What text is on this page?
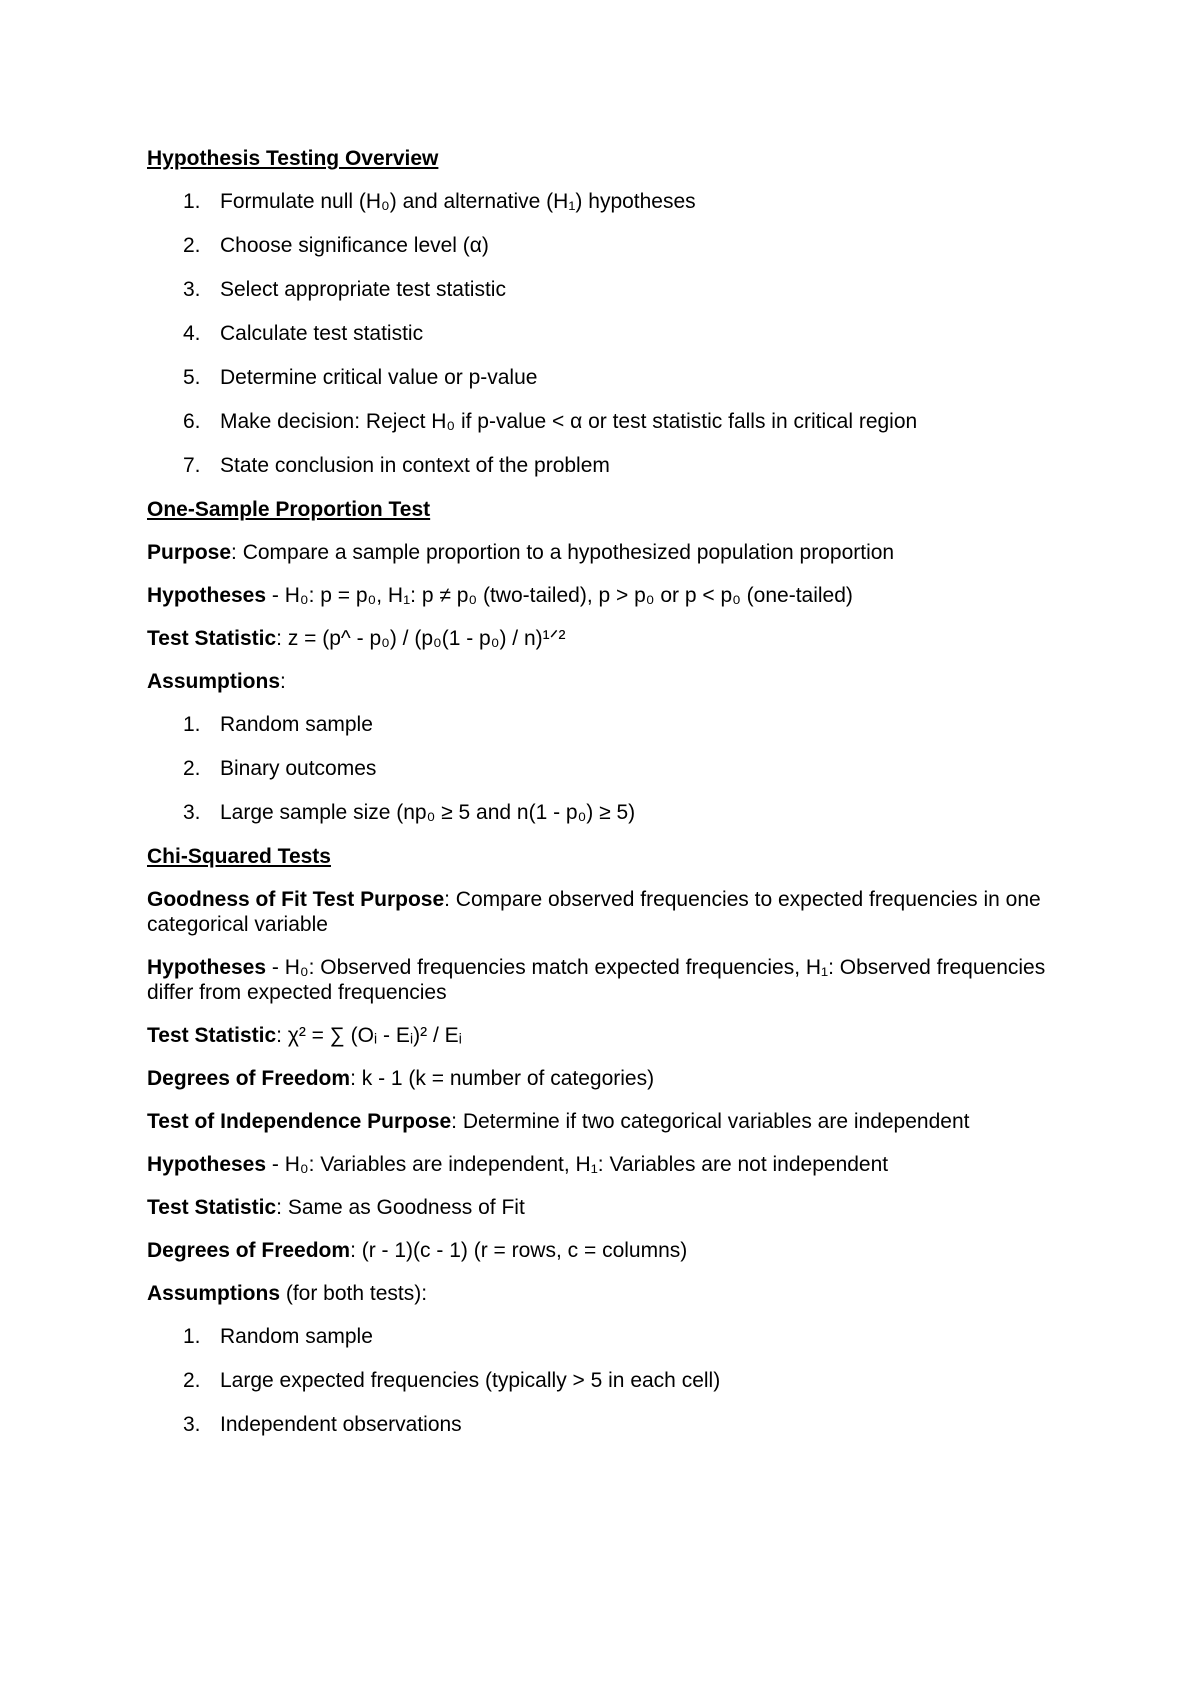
Hypothesis Testing Overview
1. Formulate null (H₀) and alternative (H₁) hypotheses
2. Choose significance level (α)
3. Select appropriate test statistic
4. Calculate test statistic
5. Determine critical value or p-value
6. Make decision: Reject H₀ if p-value < α or test statistic falls in critical region
7. State conclusion in context of the problem
One-Sample Proportion Test

Purpose: Compare a sample proportion to a hypothesized population proportion

Hypotheses - H₀: p = p₀, H₁: p ≠ p₀ (two-tailed), p > p₀ or p < p₀ (one-tailed)

Test Statistic: z = (p^ - p₀) / (p₀(1 - p₀) / n)¹ᐟ²

Assumptions:

1. Random sample
2. Binary outcomes
3. Large sample size (np₀ ≥ 5 and n(1 - p₀) ≥ 5)
Chi-Squared Tests

Goodness of Fit Test Purpose: Compare observed frequencies to expected frequencies in one categorical variable

Hypotheses - H₀: Observed frequencies match expected frequencies, H₁: Observed frequencies differ from expected frequencies

Test Statistic: χ² = ∑ (Oᵢ - Eᵢ)² / Eᵢ

Degrees of Freedom: k - 1 (k = number of categories)

Test of Independence Purpose: Determine if two categorical variables are independent

Hypotheses - H₀: Variables are independent, H₁: Variables are not independent

Test Statistic: Same as Goodness of Fit

Degrees of Freedom: (r - 1)(c - 1) (r = rows, c = columns)

Assumptions (for both tests):

1. Random sample
2. Large expected frequencies (typically > 5 in each cell)
3. Independent observations
